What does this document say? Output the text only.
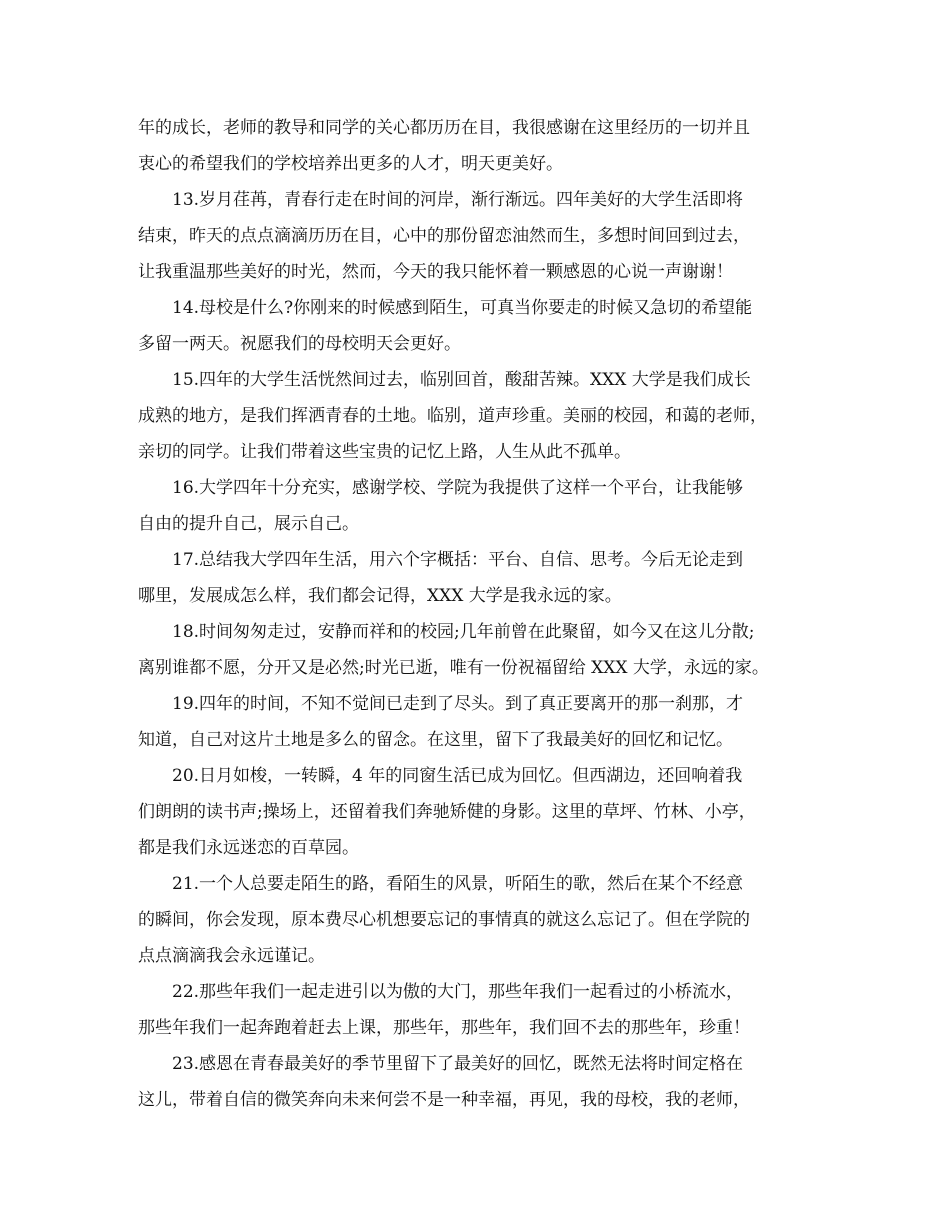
年的成长，老师的教导和同学的关心都历历在目，我很感谢在这里经历的一切并且
衷心的希望我们的学校培养出更多的人才，明天更美好。
13.岁月荏苒，青春行走在时间的河岸，渐行渐远。四年美好的大学生活即将
结束，昨天的点点滴滴历历在目，心中的那份留恋油然而生，多想时间回到过去，
让我重温那些美好的时光，然而，今天的我只能怀着一颗感恩的心说一声谢谢！
14.母校是什么?你刚来的时候感到陌生，可真当你要走的时候又急切的希望能
多留一两天。祝愿我们的母校明天会更好。
15.四年的大学生活恍然间过去，临别回首，酸甜苦辣。XXX 大学是我们成长
成熟的地方，是我们挥洒青春的土地。临别，道声珍重。美丽的校园，和蔼的老师，
亲切的同学。让我们带着这些宝贵的记忆上路，人生从此不孤单。
16.大学四年十分充实，感谢学校、学院为我提供了这样一个平台，让我能够
自由的提升自己，展示自己。
17.总结我大学四年生活，用六个字概括：平台、自信、思考。今后无论走到
哪里，发展成怎么样，我们都会记得，XXX 大学是我永远的家。
18.时间匆匆走过，安静而祥和的校园;几年前曾在此聚留，如今又在这儿分散;
离别谁都不愿，分开又是必然;时光已逝，唯有一份祝福留给 XXX 大学，永远的家。
19.四年的时间，不知不觉间已走到了尽头。到了真正要离开的那一刹那，才
知道，自己对这片土地是多么的留念。在这里，留下了我最美好的回忆和记忆。
20.日月如梭，一转瞬，4 年的同窗生活已成为回忆。但西湖边，还回响着我
们朗朗的读书声;操场上，还留着我们奔驰矫健的身影。这里的草坪、竹林、小亭，
都是我们永远迷恋的百草园。
21.一个人总要走陌生的路，看陌生的风景，听陌生的歌，然后在某个不经意
的瞬间，你会发现，原本费尽心机想要忘记的事情真的就这么忘记了。但在学院的
点点滴滴我会永远谨记。
22.那些年我们一起走进引以为傲的大门，那些年我们一起看过的小桥流水，
那些年我们一起奔跑着赶去上课，那些年，那些年，我们回不去的那些年，珍重！
23.感恩在青春最美好的季节里留下了最美好的回忆，既然无法将时间定格在
这儿，带着自信的微笑奔向未来何尝不是一种幸福，再见，我的母校，我的老师，
